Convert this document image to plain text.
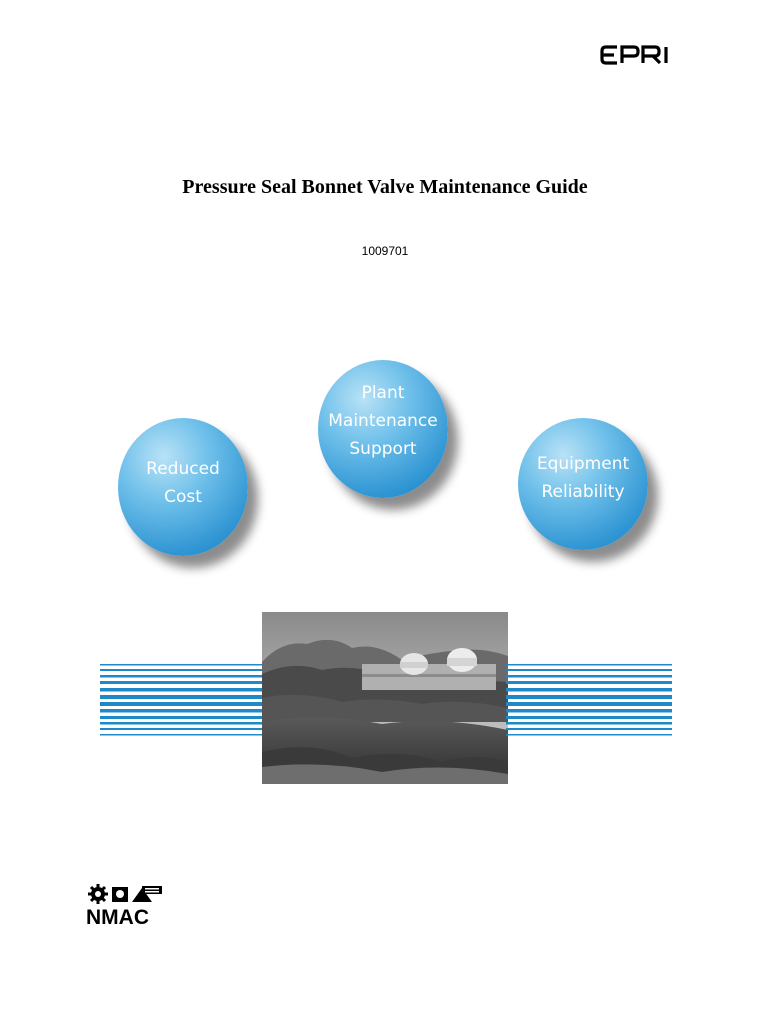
Pressure Seal Bonnet Valve Maintenance Guide
1009701
Reduced
Cost
Plant
Maintenance
Support
Equipment
Reliability
NMAC
